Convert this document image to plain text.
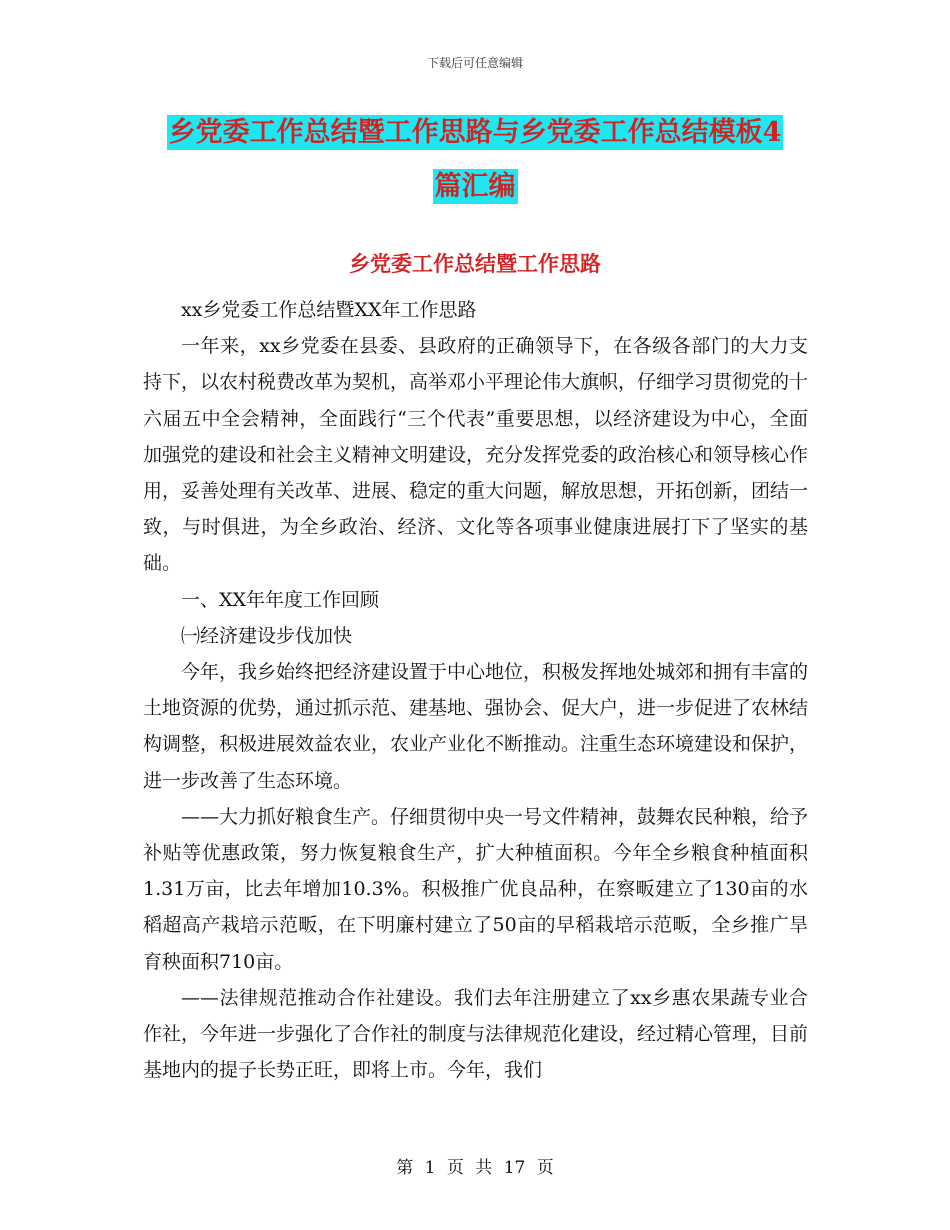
下载后可任意编辑
乡党委工作总结暨工作思路与乡党委工作总结模板4
篇汇编
乡党委工作总结暨工作思路

xx乡党委工作总结暨XX年工作思路

一年来，xx乡党委在县委、县政府的正确领导下，在各级各部门的大力支持下，以农村税费改革为契机，高举邓小平理论伟大旗帜，仔细学习贯彻党的十六届五中全会精神，全面践行“三个代表”重要思想，以经济建设为中心，全面加强党的建设和社会主义精神文明建设，充分发挥党委的政治核心和领导核心作用，妥善处理有关改革、进展、稳定的重大问题，解放思想，开拓创新，团结一致，与时俱进，为全乡政治、经济、文化等各项事业健康进展打下了坚实的基础。

一、XX年年度工作回顾

㈠经济建设步伐加快

今年，我乡始终把经济建设置于中心地位，积极发挥地处城郊和拥有丰富的土地资源的优势，通过抓示范、建基地、强协会、促大户，进一步促进了农林结构调整，积极进展效益农业，农业产业化不断推动。注重生态环境建设和保护，进一步改善了生态环境。

——大力抓好粮食生产。仔细贯彻中央一号文件精神，鼓舞农民种粮，给予补贴等优惠政策，努力恢复粮食生产，扩大种植面积。今年全乡粮食种植面积1.31万亩，比去年增加10.3%。积极推广优良品种，在察畈建立了130亩的水稻超高产栽培示范畈，在下明廉村建立了50亩的早稻栽培示范畈，全乡推广旱育秧面积710亩。

——法律规范推动合作社建设。我们去年注册建立了xx乡惠农果蔬专业合作社，今年进一步强化了合作社的制度与法律规范化建设，经过精心管理，目前基地内的提子长势正旺，即将上市。今年，我们

第 1 页 共 17 页
